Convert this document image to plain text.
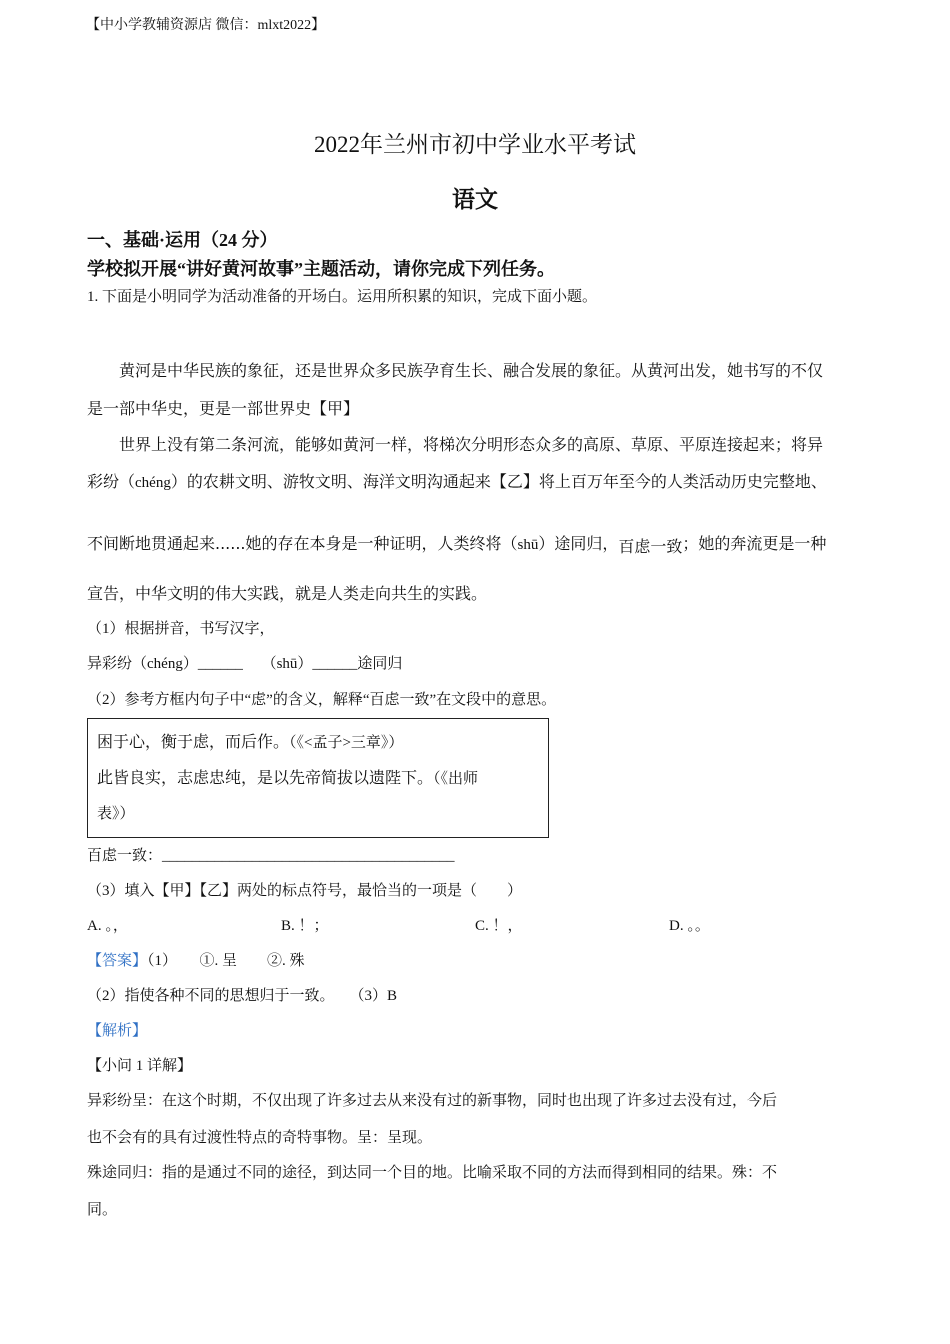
【中小学教辅资源店 微信：mlxt2022】
2022年兰州市初中学业水平考试
语文
一、基础·运用（24 分）
学校拟开展“讲好黄河故事”主题活动，请你完成下列任务。
1. 下面是小明同学为活动准备的开场白。运用所积累的知识，完成下面小题。
黄河是中华民族的象征，还是世界众多民族孕育生长、融合发展的象征。从黄河出发，她书写的不仅
是一部中华史，更是一部世界史【甲】
世界上没有第二条河流，能够如黄河一样，将梯次分明形态众多的高原、草原、平原连接起来；将异
彩纷（chéng）的农耕文明、游牧文明、海洋文明沟通起来【乙】将上百万年至今的人类活动历史完整地、
不间断地贯通起来......她的存在本身是一种证明，人类终将（shū）途同归，百虑一致；她的奔流更是一种
宣告，中华文明的伟大实践，就是人类走向共生的实践。
（1）根据拼音，书写汉字，
异彩纷（chéng）______     （shū）______途同归
（2）参考方框内句子中“虑”的含义，解释“百虑一致”在文段中的意思。
困于心，衡于虑，而后作。（《<孟子>三章》）
此皆良实，志虑忠纯，是以先帝简拔以遗陛下。（《出师
表》）
百虑一致：_______________________________________
（3）填入【甲】【乙】两处的标点符号，最恰当的一项是（　　）
A. 。，	B. ！；	C. ！，	D. 。。
【答案】（1）　　①. 呈　　②. 殊
（2）指使各种不同的思想归于一致。　　（3）B
【解析】
【小问 1 详解】
异彩纷呈：在这个时期，不仅出现了许多过去从来没有过的新事物，同时也出现了许多过去没有过，今后
也不会有的具有过渡性特点的奇特事物。呈：呈现。
殊途同归：指的是通过不同的途径，到达同一个目的地。比喻采取不同的方法而得到相同的结果。殊：不
同。
